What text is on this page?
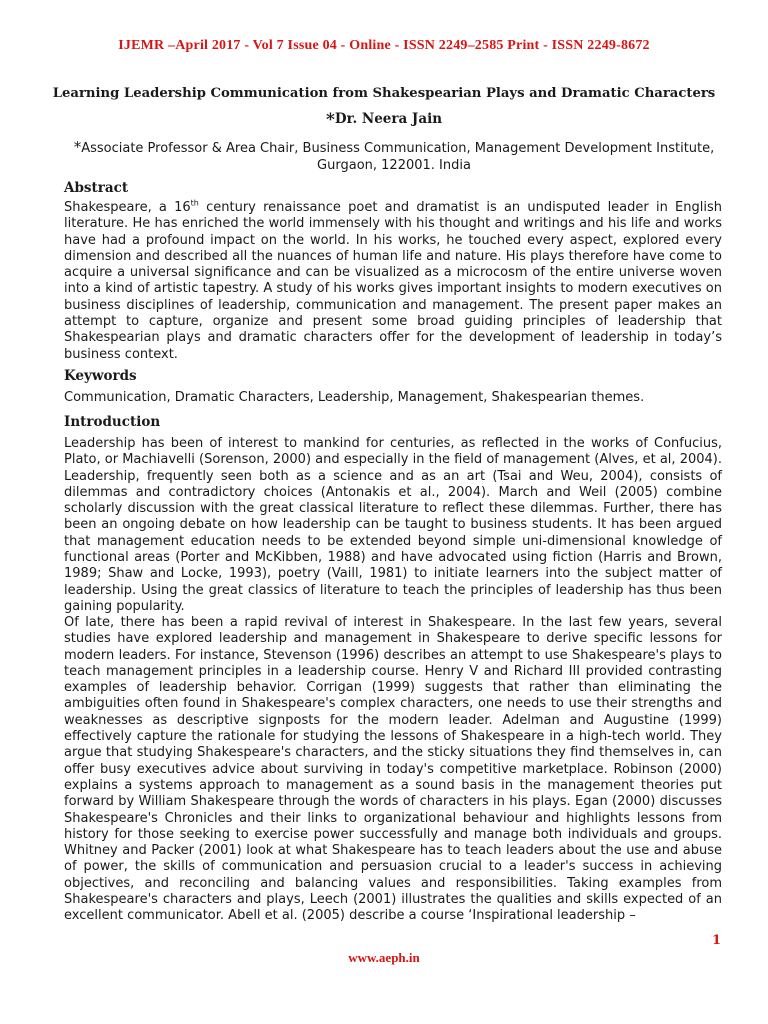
IJEMR –April 2017 - Vol 7 Issue 04 - Online - ISSN 2249–2585 Print - ISSN 2249-8672
Learning Leadership Communication from Shakespearian Plays and Dramatic Characters
*Dr. Neera Jain
*Associate Professor & Area Chair, Business Communication, Management Development Institute, Gurgaon, 122001. India
Abstract
Shakespeare, a 16th century renaissance poet and dramatist is an undisputed leader in English literature. He has enriched the world immensely with his thought and writings and his life and works have had a profound impact on the world. In his works, he touched every aspect, explored every dimension and described all the nuances of human life and nature. His plays therefore have come to acquire a universal significance and can be visualized as a microcosm of the entire universe woven into a kind of artistic tapestry. A study of his works gives important insights to modern executives on business disciplines of leadership, communication and management. The present paper makes an attempt to capture, organize and present some broad guiding principles of leadership that Shakespearian plays and dramatic characters offer for the development of leadership in today’s business context.
Keywords
Communication, Dramatic Characters, Leadership, Management, Shakespearian themes.
Introduction
Leadership has been of interest to mankind for centuries, as reflected in the works of Confucius, Plato, or Machiavelli (Sorenson, 2000) and especially in the field of management (Alves, et al, 2004). Leadership, frequently seen both as a science and as an art (Tsai and Weu, 2004), consists of dilemmas and contradictory choices (Antonakis et al., 2004). March and Weil (2005) combine scholarly discussion with the great classical literature to reflect these dilemmas. Further, there has been an ongoing debate on how leadership can be taught to business students. It has been argued that management education needs to be extended beyond simple uni-dimensional knowledge of functional areas (Porter and McKibben, 1988) and have advocated using fiction (Harris and Brown, 1989; Shaw and Locke, 1993), poetry (Vaill, 1981) to initiate learners into the subject matter of leadership. Using the great classics of literature to teach the principles of leadership has thus been gaining popularity.
Of late, there has been a rapid revival of interest in Shakespeare. In the last few years, several studies have explored leadership and management in Shakespeare to derive specific lessons for modern leaders. For instance, Stevenson (1996) describes an attempt to use Shakespeare's plays to teach management principles in a leadership course. Henry V and Richard III provided contrasting examples of leadership behavior. Corrigan (1999) suggests that rather than eliminating the ambiguities often found in Shakespeare's complex characters, one needs to use their strengths and weaknesses as descriptive signposts for the modern leader. Adelman and Augustine (1999) effectively capture the rationale for studying the lessons of Shakespeare in a high-tech world. They argue that studying Shakespeare's characters, and the sticky situations they find themselves in, can offer busy executives advice about surviving in today's competitive marketplace. Robinson (2000) explains a systems approach to management as a sound basis in the management theories put forward by William Shakespeare through the words of characters in his plays. Egan (2000) discusses Shakespeare's Chronicles and their links to organizational behaviour and highlights lessons from history for those seeking to exercise power successfully and manage both individuals and groups. Whitney and Packer (2001) look at what Shakespeare has to teach leaders about the use and abuse of power, the skills of communication and persuasion crucial to a leader's success in achieving objectives, and reconciling and balancing values and responsibilities. Taking examples from Shakespeare's characters and plays, Leech (2001) illustrates the qualities and skills expected of an excellent communicator. Abell et al. (2005) describe a course ‘Inspirational leadership –
1
www.aeph.in
